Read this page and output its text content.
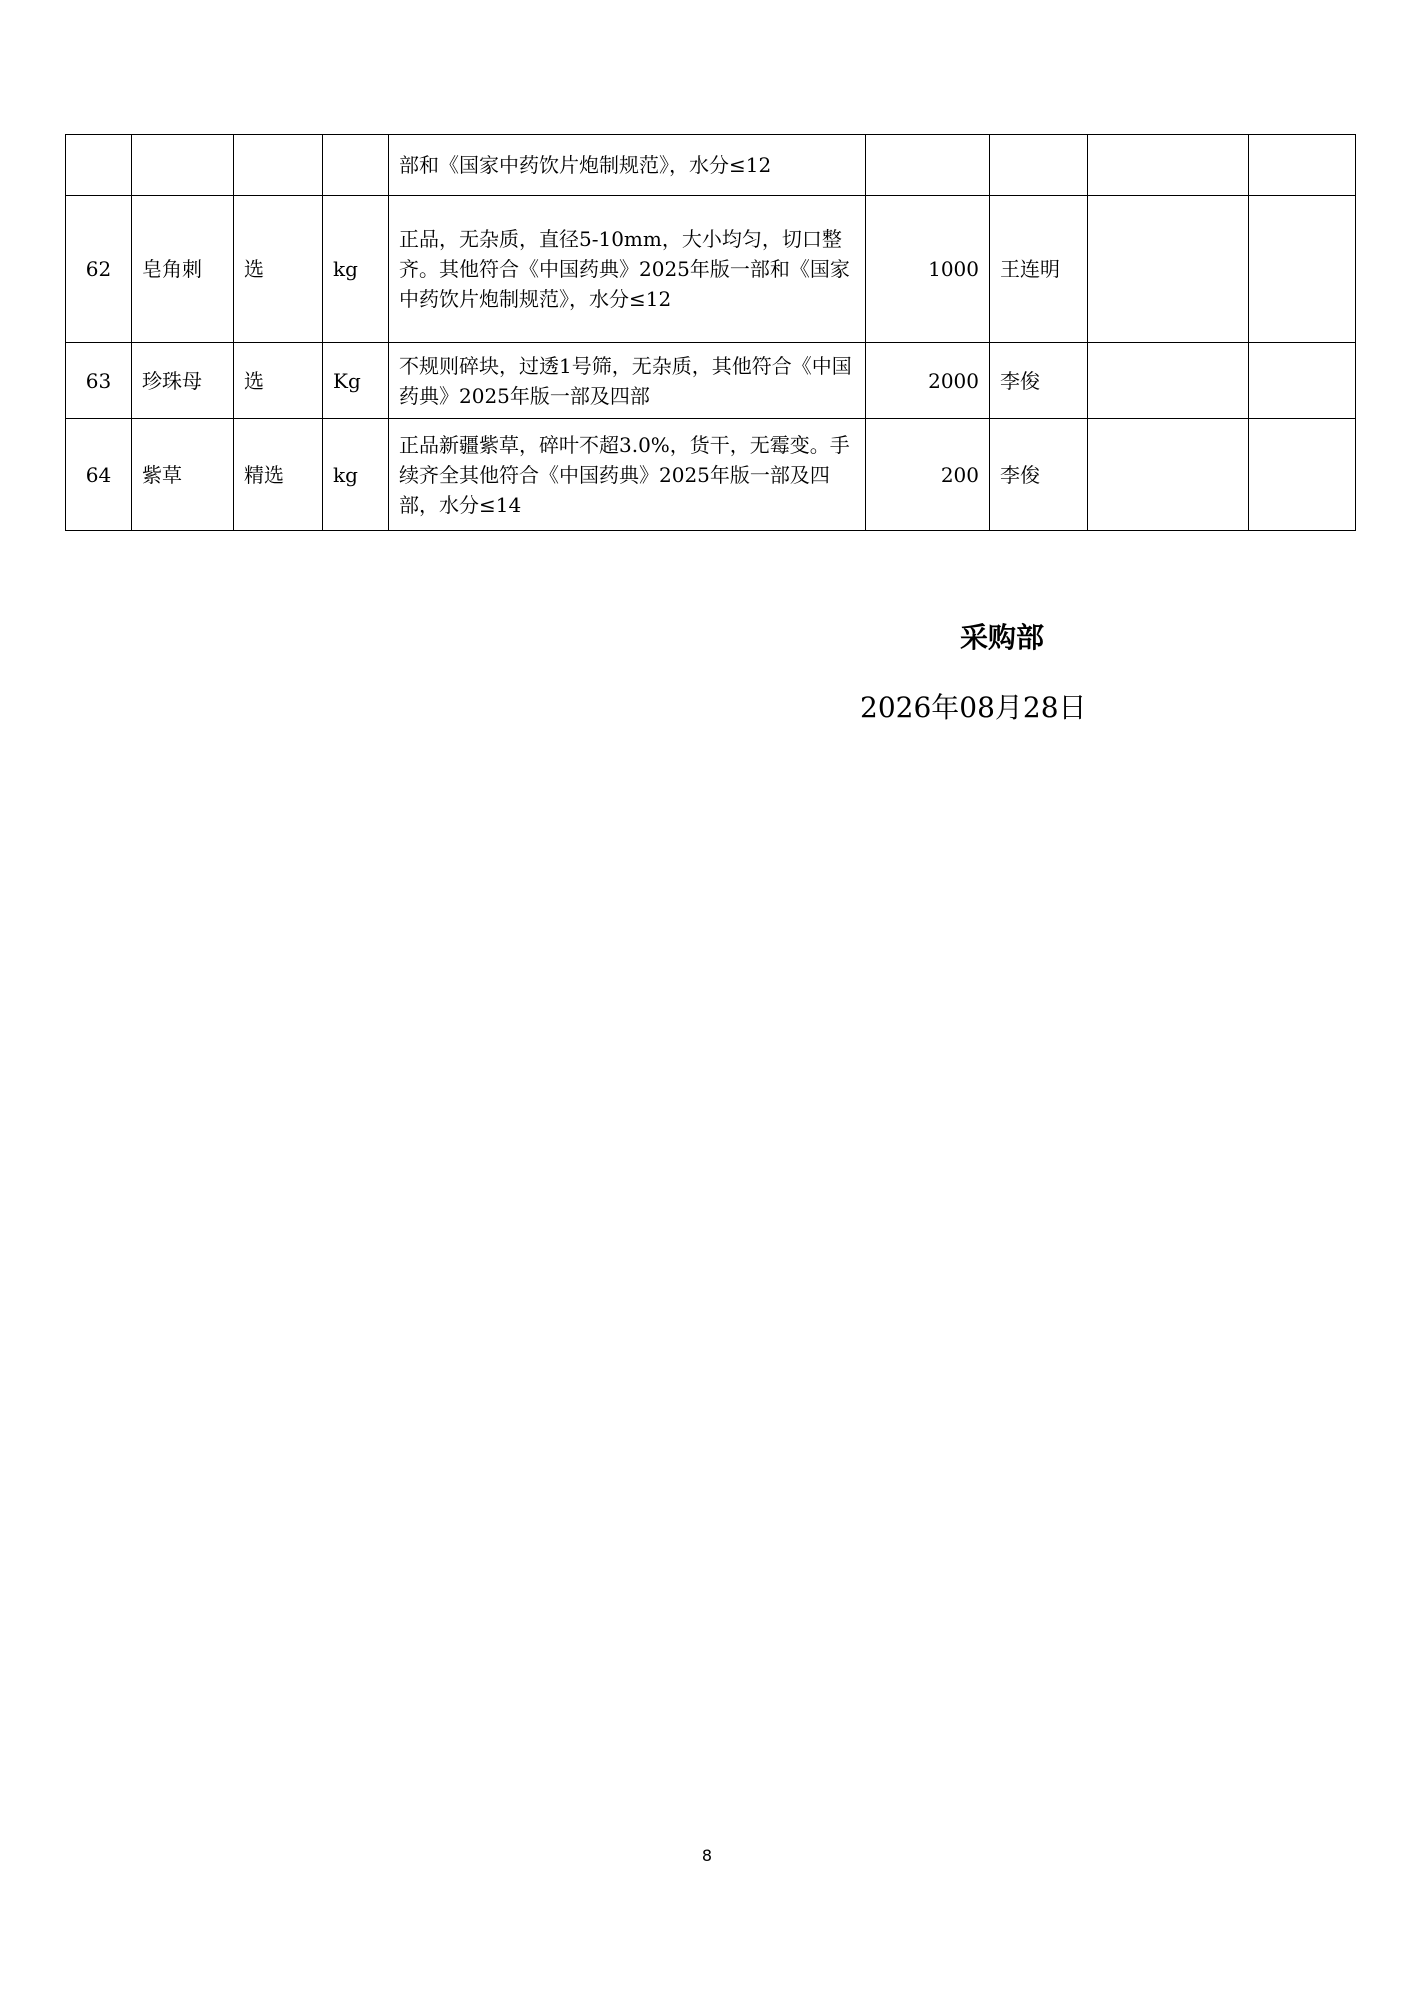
				部和《国家中药饮片炮制规范》，水分≤12				
62	皂角刺	选	kg	正品，无杂质，直径5-10mm，大小均匀，切口整齐。其他符合《中国药典》2025年版一部和《国家中药饮片炮制规范》，水分≤12	1000	王连明		
63	珍珠母	选	Kg	不规则碎块，过透1号筛，无杂质，其他符合《中国药典》2025年版一部及四部	2000	李俊		
64	紫草	精选	kg	正品新疆紫草，碎叶不超3.0%，货干，无霉变。手续齐全其他符合《中国药典》2025年版一部及四部，水分≤14	200	李俊		
采购部
2026年08月28日
8
